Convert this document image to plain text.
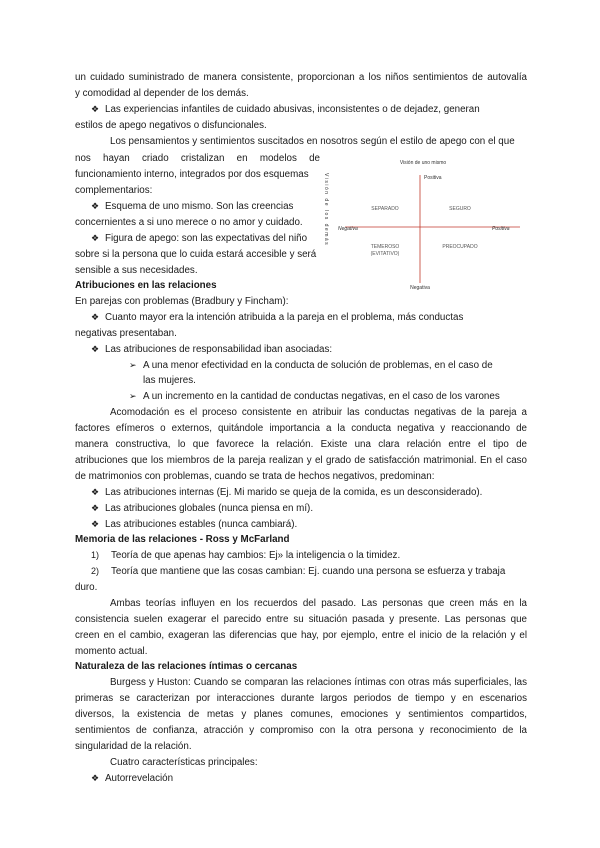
un cuidado suministrado de manera consistente, proporcionan a los niños sentimientos de autovalía
y comodidad al depender de los demás.
❖ Las experiencias infantiles de cuidado abusivas, inconsistentes o de dejadez, generan
estilos de apego negativos o disfuncionales.
Los pensamientos y sentimientos suscitados en nosotros según el estilo de apego con el que
nos hayan criado cristalizan en modelos de
funcionamiento interno, integrados por dos esquemas
complementarios:
❖ Esquema de uno mismo. Son las creencias
concernientes a si uno merece o no amor y cuidado.
❖ Figura de apego: son las expectativas del niño
sobre si la persona que lo cuida estará accesible y será
sensible a sus necesidades.
Atribuciones en las relaciones
En parejas con problemas (Bradbury y Fincham):
❖ Cuanto mayor era la intención atribuida a la pareja en el problema, más conductas
negativas presentaban.
❖ Las atribuciones de responsabilidad iban asociadas:
➢ A una menor efectividad en la conducta de solución de problemas, en el caso de
las mujeres.
➢ A un incremento en la cantidad de conductas negativas, en el caso de los varones
Acomodación es el proceso consistente en atribuir las conductas negativas de la pareja a
factores efímeros o externos, quitándole importancia a la conducta negativa y reaccionando de
manera constructiva, lo que favorece la relación. Existe una clara relación entre el tipo de
atribuciones que los miembros de la pareja realizan y el grado de satisfacción matrimonial. En el caso
de matrimonios con problemas, cuando se trata de hechos negativos, predominan:
❖ Las atribuciones internas (Ej. Mi marido se queja de la comida, es un desconsiderado).
❖ Las atribuciones globales (nunca piensa en mí).
❖ Las atribuciones estables (nunca cambiará).
Memoria de las relaciones - Ross y McFarland
1) Teoría de que apenas hay cambios: Ej» la inteligencia o la timidez.
2) Teoría que mantiene que las cosas cambian: Ej. cuando una persona se esfuerza y trabaja
duro.
Ambas teorías influyen en los recuerdos del pasado. Las personas que creen más en la
consistencia suelen exagerar el parecido entre su situación pasada y presente. Las personas que
creen en el cambio, exageran las diferencias que hay, por ejemplo, entre el inicio de la relación y el
momento actual.
Naturaleza de las relaciones íntimas o cercanas
Burgess y Huston: Cuando se comparan las relaciones íntimas con otras más superficiales, las
primeras se caracterizan por interacciones durante largos periodos de tiempo y en escenarios
diversos, la existencia de metas y planes comunes, emociones y sentimientos compartidos,
sentimientos de confianza, atracción y compromiso con la otra persona y reconocimiento de la
singularidad de la relación.
Cuatro características principales:
❖ Autorrevelación
Visión de uno mismo
Positiva
Negativa
Negativa	Positiva
Visión de los demás	SEPARADO	SEGURO
TEMEROSO
(EVITATIVO)
PREOCUPADO
